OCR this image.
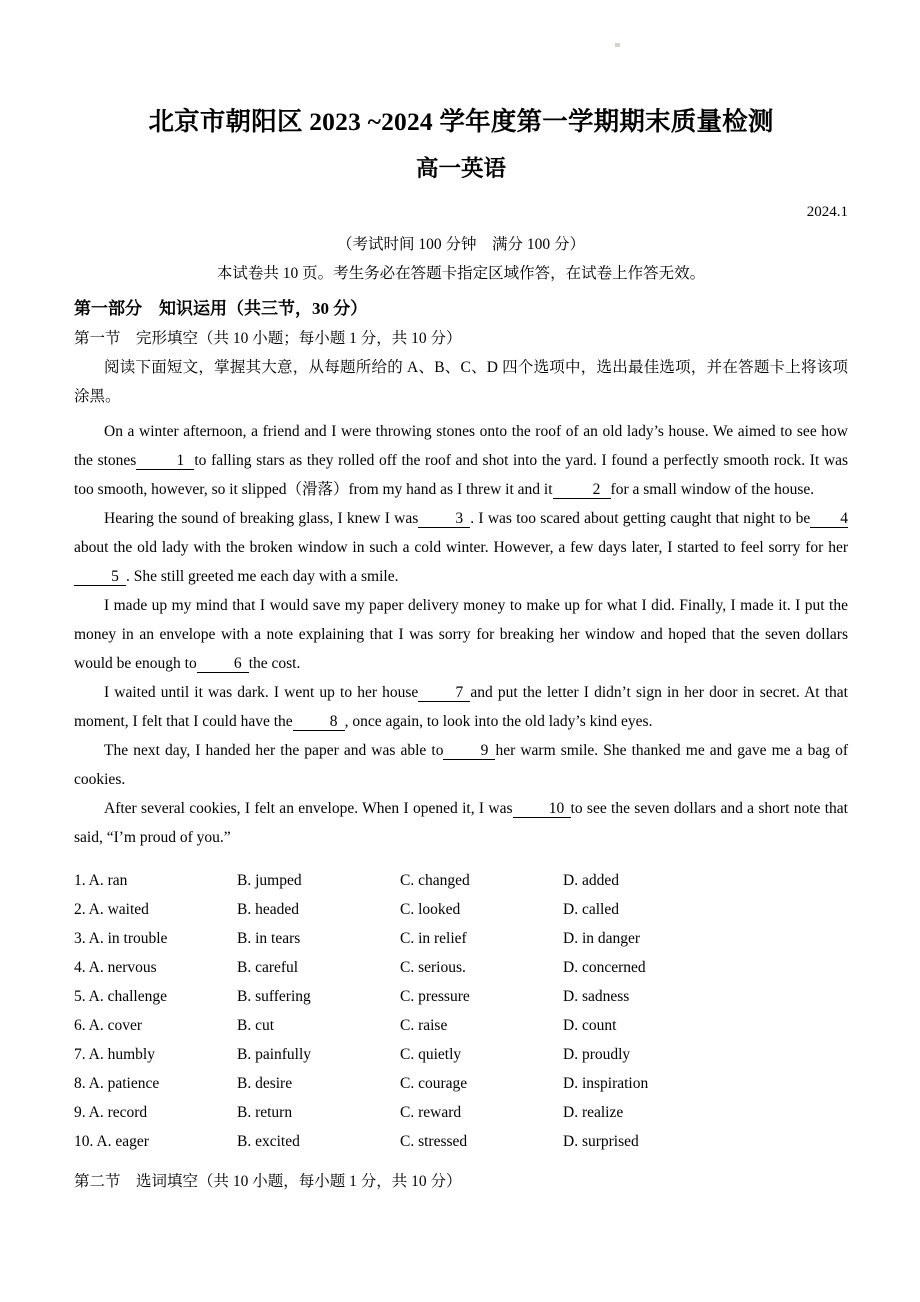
北京市朝阳区 2023 ~2024 学年度第一学期期末质量检测
高一英语
2024.1
（考试时间 100 分钟　满分 100 分）
本试卷共 10 页。考生务必在答题卡指定区域作答，在试卷上作答无效。
第一部分　知识运用（共三节，30 分）
第一节　完形填空（共 10 小题；每小题 1 分，共 10 分）
阅读下面短文，掌握其大意，从每题所给的 A、B、C、D 四个选项中，选出最佳选项，并在答题卡上将该项涂黑。

On a winter afternoon, a friend and I were throwing stones onto the roof of an old lady’s house. We aimed to see how the stones	1 to falling stars as they rolled off the roof and shot into the yard. I found a perfectly smooth rock. It was too smooth, however, so it slipped（滑落）from my hand as I threw it and it	2 for a small window of the house.

Hearing the sound of breaking glass, I knew I was 3 . I was too scared about getting caught that night to be 4about the old lady with the broken window in such a cold winter. However, a few days later, I started to feel sorry for her5 . She still greeted me each day with a smile.

I made up my mind that I would save my paper delivery money to make up for what I did. Finally, I made it. I put the money in an envelope with a note explaining that I was sorry for breaking her window and hoped that the seven dollars would be enough to 6 the cost.

I waited until it was dark. I went up to her house 7 and put the letter I didn’t sign in her door in secret. At that moment, I felt that I could have the 8 , once again, to look into the old lady’s kind eyes.

The next day, I handed her the paper and was able to 9 her warm smile. She thanked me and gave me a bag of cookies.

After several cookies, I felt an envelope. When I opened it, I was 10 to see the seven dollars and a short note that said, “I’m proud of you.”

1. A. ran	B. jumped	C. changed	D. added
2. A. waited	B. headed	C. looked	D. called
3. A. in trouble	B. in tears	C. in relief	D. in danger
4. A. nervous	B. careful	C. serious.	D. concerned
5. A. challenge	B. suffering	C. pressure	D. sadness
6. A. cover	B. cut	C. raise	D. count
7. A. humbly	B. painfully	C. quietly	D. proudly
8. A. patience	B. desire	C. courage	D. inspiration
9. A. record	B. return	C. reward	D. realize
10. A. eager	B. excited	C. stressed	D. surprised
第二节　选词填空（共 10 小题，每小题 1 分，共 10 分）
